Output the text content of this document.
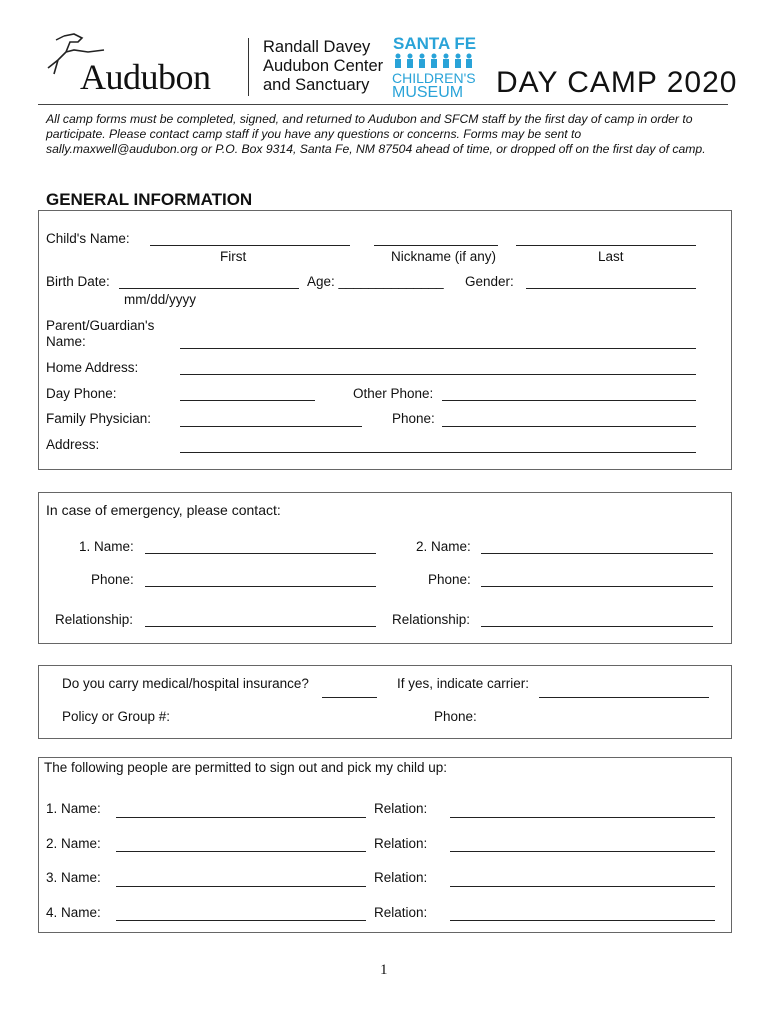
Audubon
Randall Davey
Audubon Center
and Sanctuary
SANTA FE
CHILDREN'S
MUSEUM DAY CAMP 2020
All camp forms must be completed, signed, and returned to Audubon and SFCM staff by the first day of camp in order to participate. Please contact camp staff if you have any questions or concerns. Forms may be sent to sally.maxwell@audubon.org or P.O. Box 9314, Santa Fe, NM 87504 ahead of time, or dropped off on the first day of camp.
GENERAL INFORMATION
Child's Name:
First	Nickname (if any)	Last
Birth Date:	Age: ______________ Gender:
mm/dd/yyyy
Parent/Guardian's
Name:
Home Address:
Day Phone:	Other Phone:
Family Physician:	Phone:
Address:
In case of emergency, please contact:
1. Name:	2. Name:
Phone:	Phone:
Relationship:	Relationship:
Do you carry medical/hospital insurance?	If yes, indicate carrier:
Policy or Group #:	Phone:
The following people are permitted to sign out and pick my child up:
1. Name:	Relation:
2. Name:	Relation:
3. Name:	Relation:
4. Name:	Relation:
1
